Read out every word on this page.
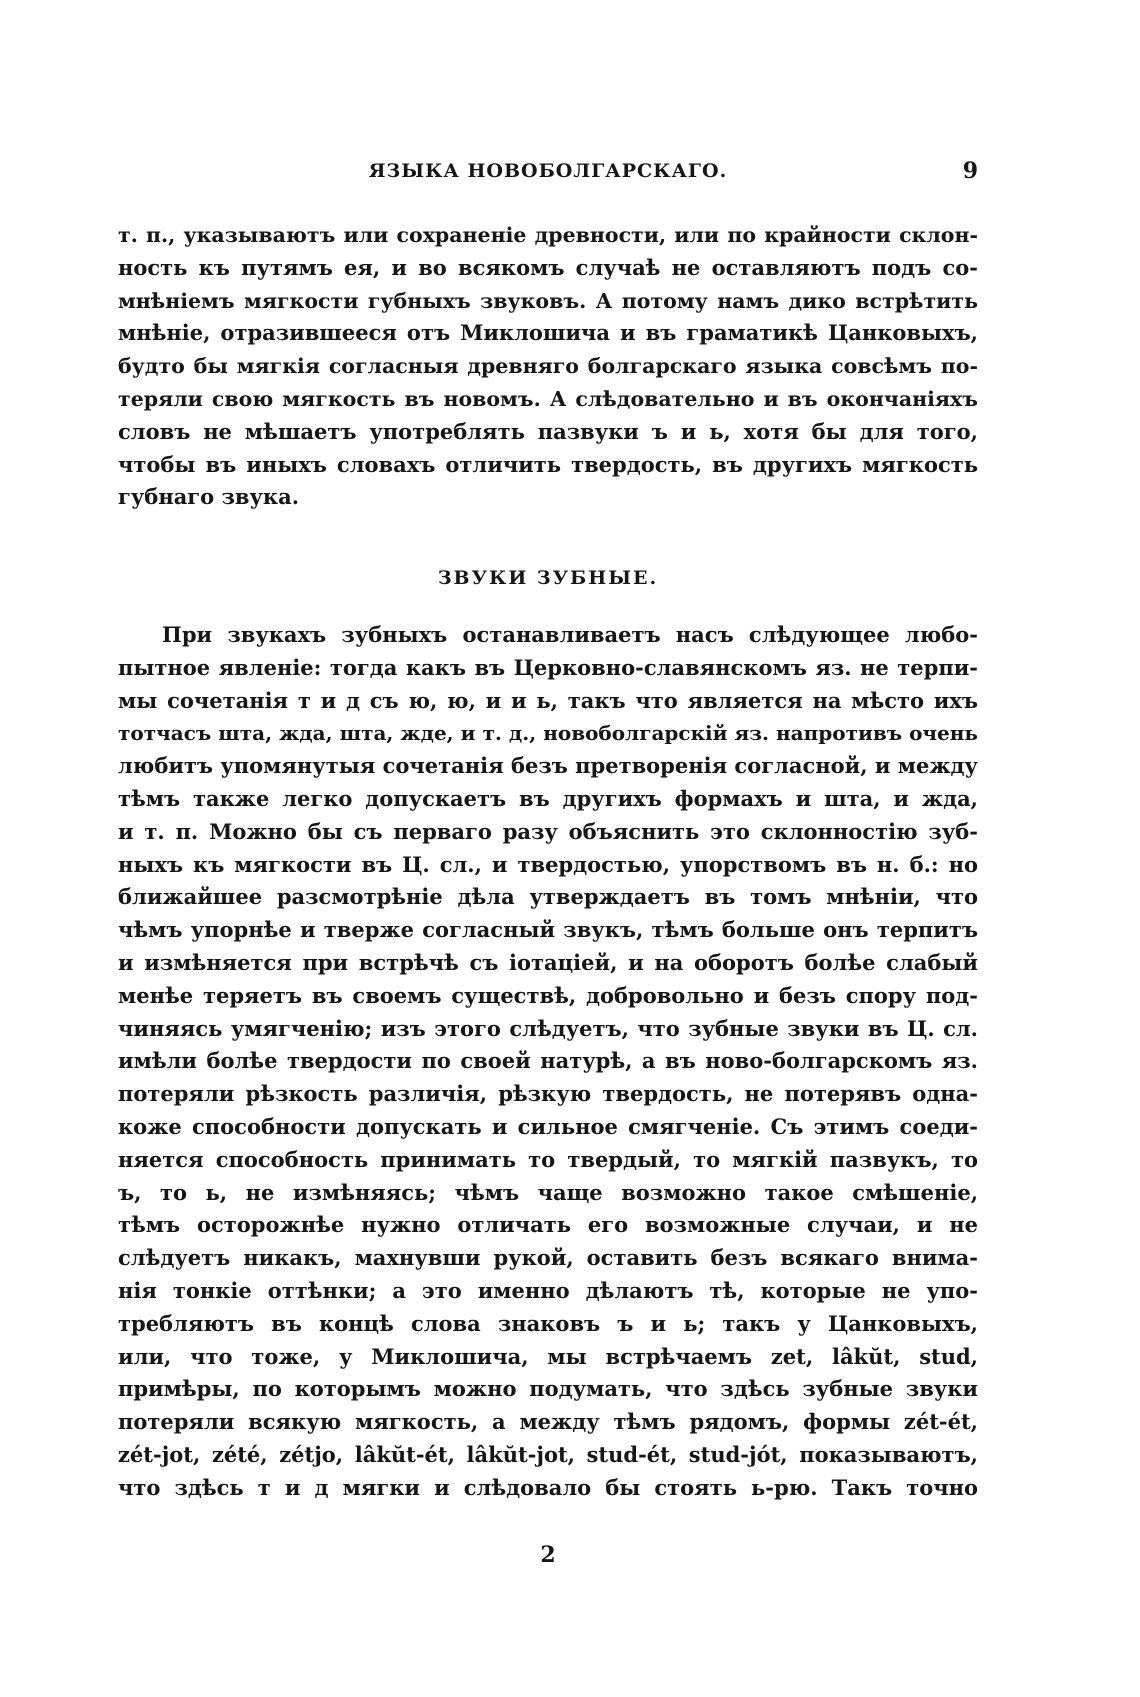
ЯЗЫКА НОВОБОЛГАРСКАГО.	9
т. п., указываютъ или сохраненіе древности, или по крайности склон-
ность къ путямъ ея, и во всякомъ случаѣ не оставляютъ подъ со-
мнѣніемъ мягкости губныхъ звуковъ. А потому намъ дико встрѣтить
мнѣніе, отразившееся отъ Миклошича и въ граматикѣ Цанковыхъ,
будто бы мягкія согласныя древняго болгарскаго языка совсѣмъ по-
теряли свою мягкость въ новомъ. А слѣдовательно и въ окончаніяхъ
словъ не мѣшаетъ употреблять пазвуки ъ и ь, хотя бы для того,
чтобы въ иныхъ словахъ отличить твердость, въ другихъ мягкость
губнаго звука.
ЗВУКИ ЗУБНЫЕ.
При звукахъ зубныхъ останавливаетъ насъ слѣдующее любо-
пытное явленіе: тогда какъ въ Церковно-славянскомъ яз. не терпи-
мы сочетанія т и д съ ю, ю, и и ь, такъ что является на мѣсто ихъ
тотчасъ шта, жда, шта, жде, и т. д., новоболгарскій яз. напротивъ очень
любитъ упомянутыя сочетанія безъ претворенія согласной, и между
тѣмъ также легко допускаетъ въ другихъ формахъ и шта, и жда,
и т. п. Можно бы съ перваго разу объяснить это склонностію зуб-
ныхъ къ мягкости въ Ц. сл., и твердостью, упорствомъ въ н. б.: но
ближайшее разсмотрѣніе дѣла утверждаетъ въ томъ мнѣніи, что
чѣмъ упорнѣе и тверже согласный звукъ, тѣмъ больше онъ терпитъ
и измѣняется при встрѣчѣ съ іотаціей, и на оборотъ болѣе слабый
менѣе теряетъ въ своемъ существѣ, добровольно и безъ спору под-
чиняясь умягченію; изъ этого слѣдуетъ, что зубные звуки въ Ц. сл.
имѣли болѣе твердости по своей натурѣ, а въ ново-болгарскомъ яз.
потеряли рѣзкость различія, рѣзкую твердость, не потерявъ одна-
коже способности допускать и сильное смягченіе. Съ этимъ соеди-
няется способность принимать то твердый, то мягкій пазвукъ, то
ъ, то ь, не измѣняясь; чѣмъ чаще возможно такое смѣшеніе,
тѣмъ осторожнѣе нужно отличать его возможные случаи, и не
слѣдуетъ никакъ, махнувши рукой, оставить безъ всякаго внима-
нія тонкіе оттѣнки; а это именно дѣлаютъ тѣ, которые не упо-
требляютъ въ концѣ слова знаковъ ъ и ь; такъ у Цанковыхъ,
или, что тоже, у Миклошича, мы встрѣчаемъ zet, lâkŭt, stud,
примѣры, по которымъ можно подумать, что здѣсь зубные звуки
потеряли всякую мягкость, а между тѣмъ рядомъ, формы zét-ét,
zét-jot, zété, zétjo, lâkŭt-ét, lâkŭt-jot, stud-ét, stud-jót, показываютъ,
что здѣсь т и д мягки и слѣдовало бы стоять ь-рю. Такъ точно
2
